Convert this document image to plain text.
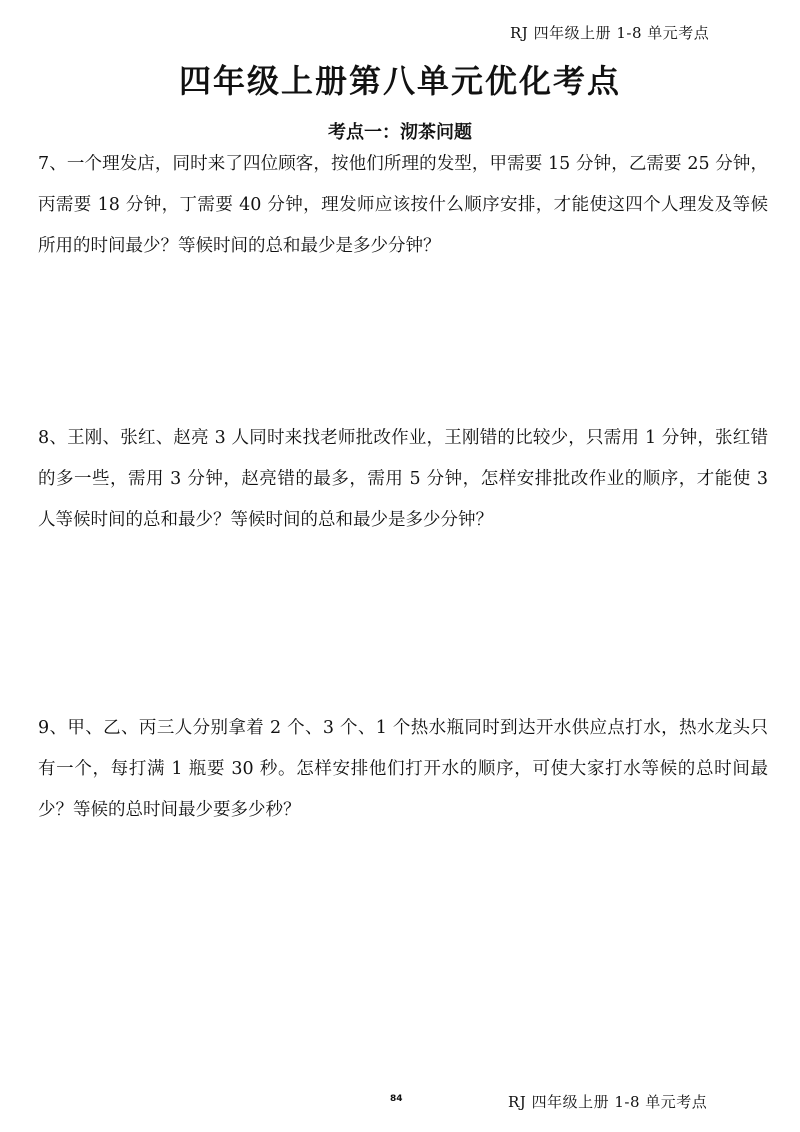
RJ 四年级上册 1-8 单元考点
四年级上册第八单元优化考点
考点一：沏茶问题
7、一个理发店，同时来了四位顾客，按他们所理的发型，甲需要 15 分钟，乙需要 25 分钟，丙需要 18 分钟，丁需要 40 分钟，理发师应该按什么顺序安排，才能使这四个人理发及等候所用的时间最少？等候时间的总和最少是多少分钟？
8、王刚、张红、赵亮 3 人同时来找老师批改作业，王刚错的比较少，只需用 1 分钟，张红错的多一些，需用 3 分钟，赵亮错的最多，需用 5 分钟，怎样安排批改作业的顺序，才能使 3 人等候时间的总和最少？等候时间的总和最少是多少分钟？
9、甲、乙、丙三人分别拿着 2 个、3 个、1 个热水瓶同时到达开水供应点打水，热水龙头只有一个，每打满 1 瓶要 30 秒。怎样安排他们打开水的顺序，可使大家打水等候的总时间最少？等候的总时间最少要多少秒？
84	RJ 四年级上册 1-8 单元考点
